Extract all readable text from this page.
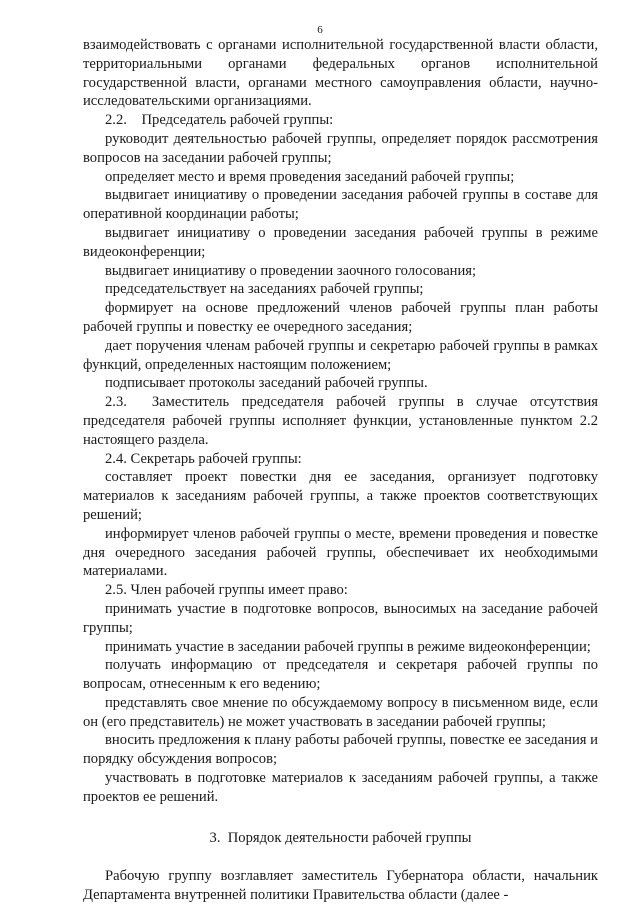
6

взаимодействовать с органами исполнительной государственной власти области, территориальными органами федеральных органов исполнительной государственной власти, органами местного самоуправления области, научно-исследовательскими организациями.

2.2.    Председатель рабочей группы:

руководит деятельностью рабочей группы, определяет порядок рассмотрения вопросов на заседании рабочей группы;

определяет место и время проведения заседаний рабочей группы;

выдвигает инициативу о проведении заседания рабочей группы в составе для оперативной координации работы;

выдвигает инициативу о проведении заседания рабочей группы в режиме видеоконференции;

выдвигает инициативу о проведении заочного голосования;

председательствует на заседаниях рабочей группы;

формирует на основе предложений членов рабочей группы план работы рабочей группы и повестку ее очередного заседания;

дает поручения членам рабочей группы и секретарю рабочей группы в рамках функций, определенных настоящим положением;

подписывает протоколы заседаний рабочей группы.

2.3.  Заместитель председателя рабочей группы в случае отсутствия председателя рабочей группы исполняет функции, установленные пунктом 2.2 настоящего раздела.

2.4. Секретарь рабочей группы:

составляет проект повестки дня ее заседания, организует подготовку материалов к заседаниям рабочей группы, а также проектов соответствующих решений;

информирует членов рабочей группы о месте, времени проведения и повестке дня очередного заседания рабочей группы, обеспечивает их необходимыми материалами.

2.5. Член рабочей группы имеет право:

принимать участие в подготовке вопросов, выносимых на заседание рабочей группы;

принимать участие в заседании рабочей группы в режиме видеоконференции;

получать информацию от председателя и секретаря рабочей группы по вопросам, отнесенным к его ведению;

представлять свое мнение по обсуждаемому вопросу в письменном виде, если он (его представитель) не может участвовать в заседании рабочей группы;

вносить предложения к плану работы рабочей группы, повестке ее заседания и порядку обсуждения вопросов;

участвовать в подготовке материалов к заседаниям рабочей группы, а также проектов ее решений.

3.  Порядок деятельности рабочей группы

Рабочую группу возглавляет заместитель Губернатора области, начальник Департамента внутренней политики Правительства области (далее -
